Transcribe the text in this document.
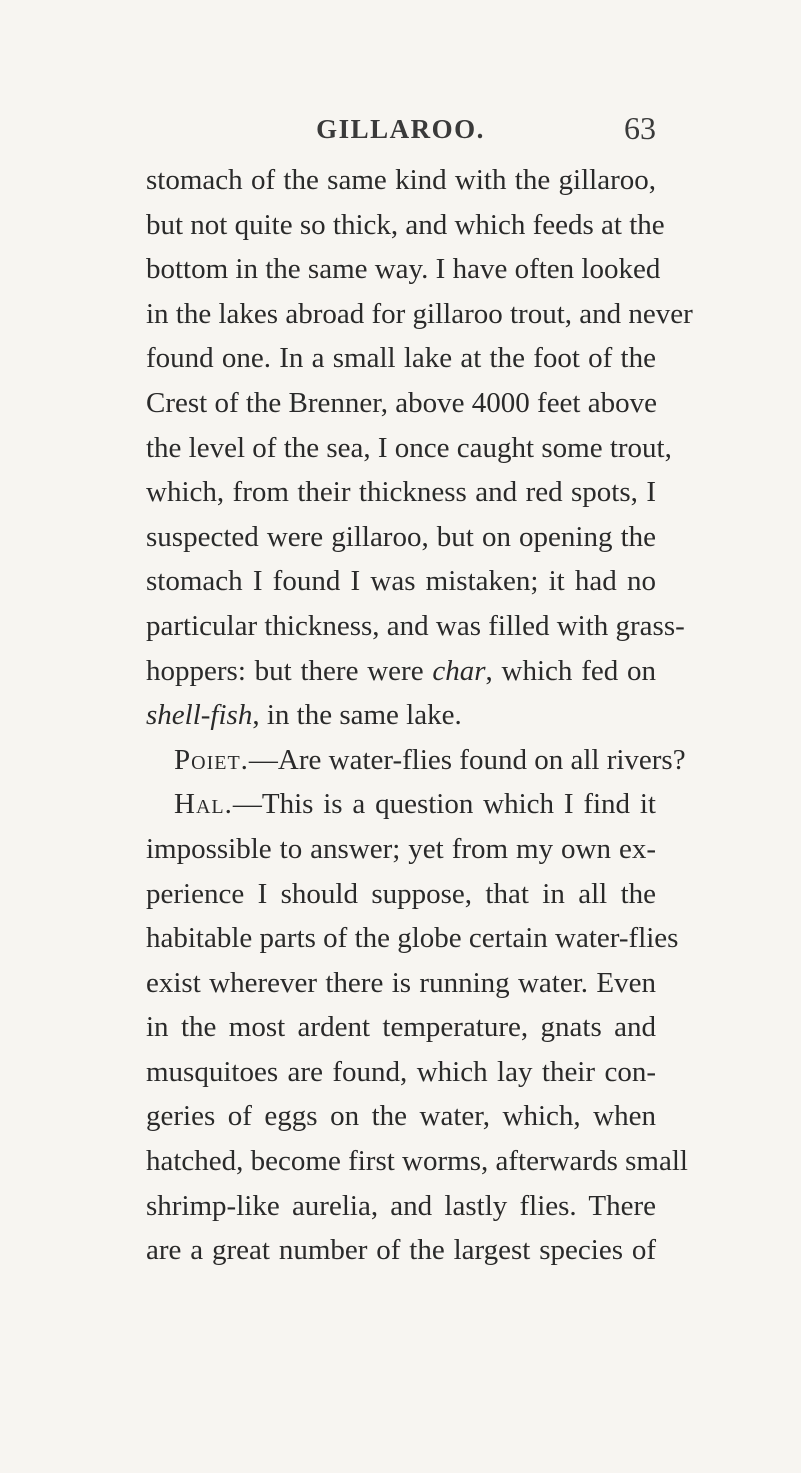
GILLAROO.	63
stomach of the same kind with the gillaroo,
but not quite so thick, and which feeds at the
bottom in the same way. I have often looked
in the lakes abroad for gillaroo trout, and never
found one. In a small lake at the foot of the
Crest of the Brenner, above 4000 feet above
the level of the sea, I once caught some trout,
which, from their thickness and red spots, I
suspected were gillaroo, but on opening the
stomach I found I was mistaken; it had no
particular thickness, and was filled with grass-
hoppers: but there were char, which fed on
shell-fish, in the same lake.
Poiet.—Are water-flies found on all rivers?
Hal.—This is a question which I find it
impossible to answer; yet from my own ex-
perience I should suppose, that in all the
habitable parts of the globe certain water-flies
exist wherever there is running water. Even
in the most ardent temperature, gnats and
musquitoes are found, which lay their con-
geries of eggs on the water, which, when
hatched, become first worms, afterwards small
shrimp-like aurelia, and lastly flies. There
are a great number of the largest species of
